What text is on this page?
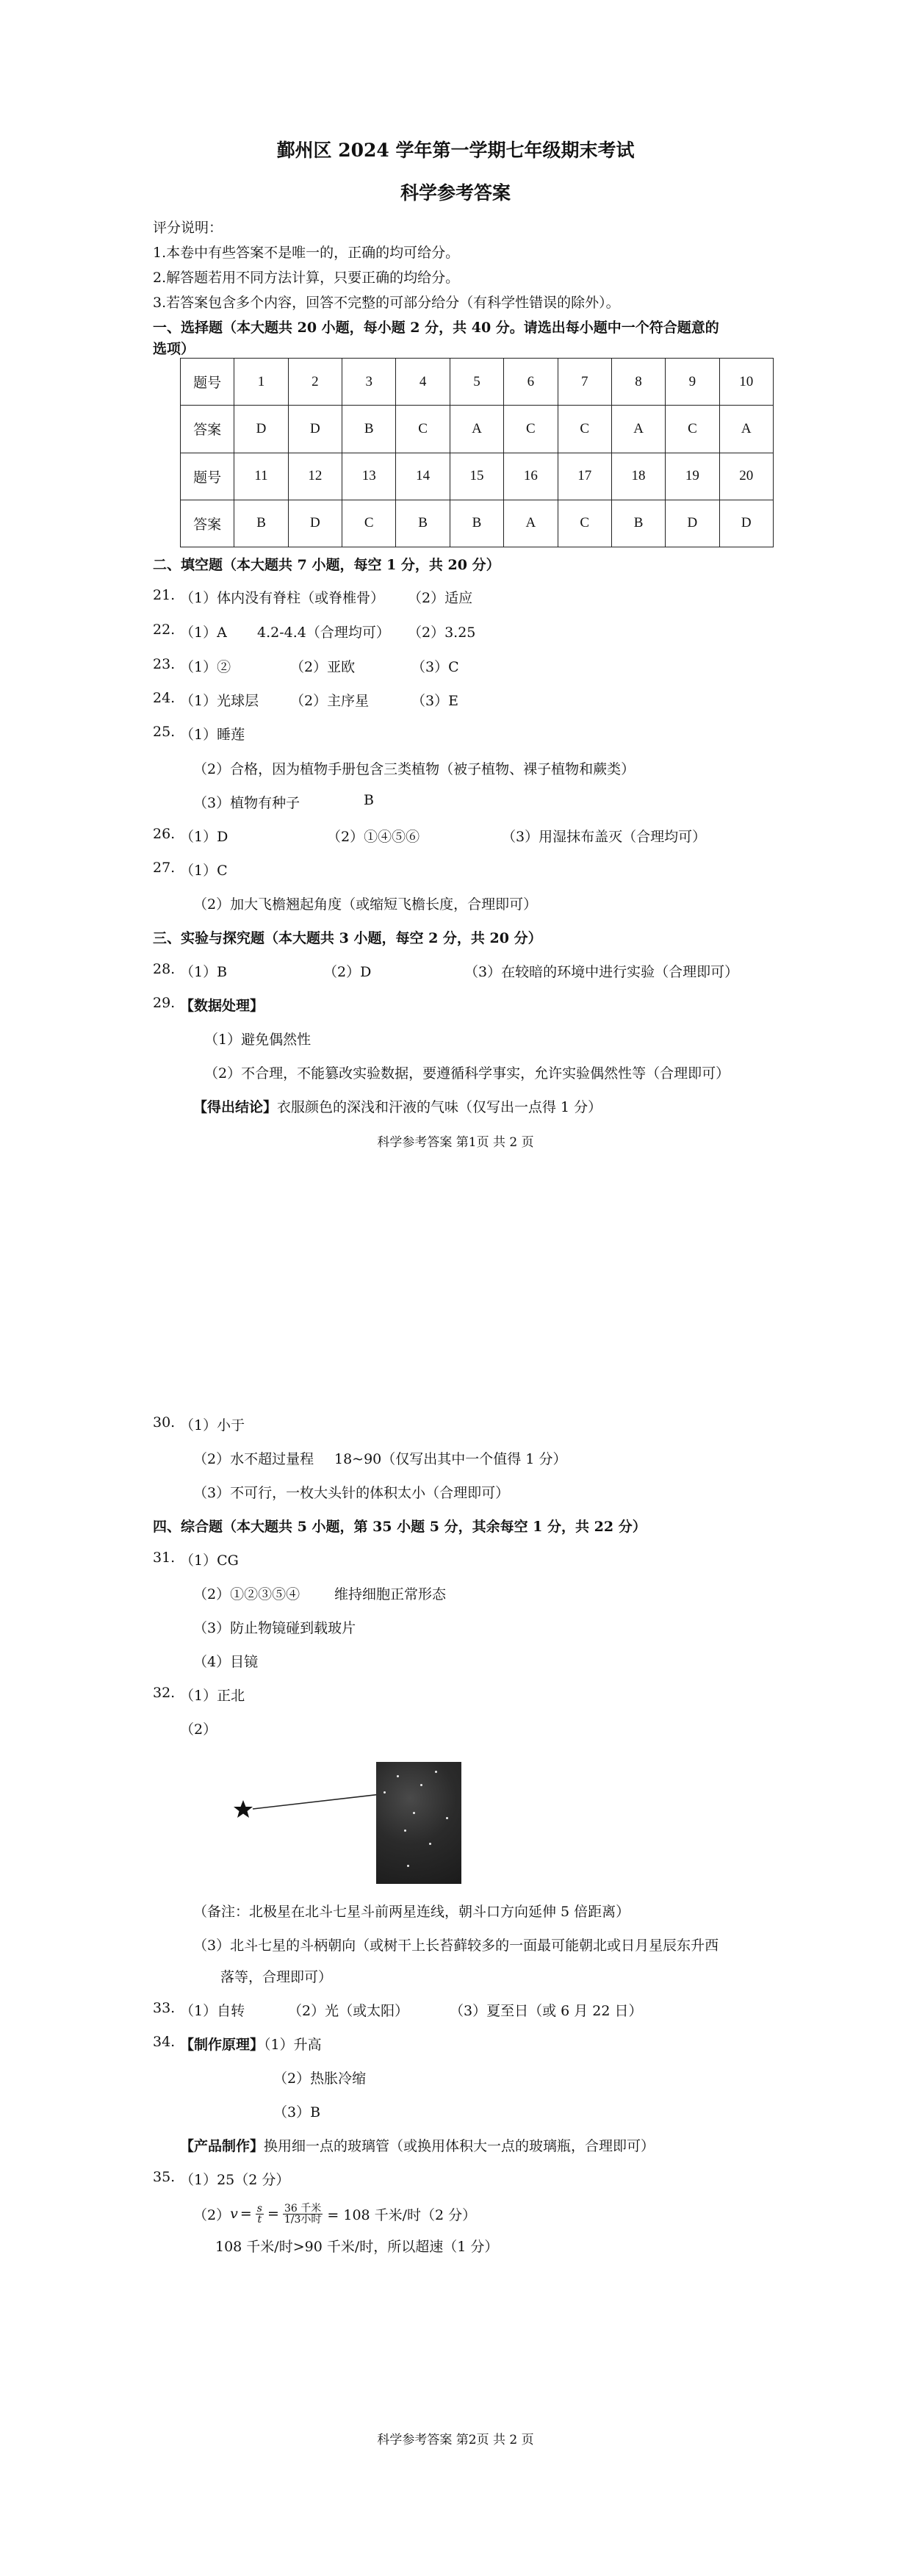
鄞州区 2024 学年第一学期七年级期末考试
科学参考答案
评分说明：
1.本卷中有些答案不是唯一的，正确的均可给分。
2.解答题若用不同方法计算，只要正确的均给分。
3.若答案包含多个内容，回答不完整的可部分给分（有科学性错误的除外）。
一、选择题（本大题共 20 小题，每小题 2 分，共 40 分。请选出每小题中一个符合题意的
选项）
题号	1	2	3	4	5	6	7	8	9	10
答案	D	D	B	C	A	C	C	A	C	A
题号	11	12	13	14	15	16	17	18	19	20
答案	B	D	C	B	B	A	C	B	D	D
二、填空题（本大题共 7 小题，每空 1 分，共 20 分）
21. （1）体内没有脊柱（或脊椎骨） （2）适应
22. （1）A 4.2-4.4（合理均可） （2）3.25
23. （1）②	（2）亚欧	（3）C
24. （1）光球层 （2）主序星	（3）E
25. （1）睡莲
（2）合格，因为植物手册包含三类植物（被子植物、裸子植物和蕨类）
（3）植物有种子	B
26. （1）D	（2）①④⑤⑥	（3）用湿抹布盖灭（合理均可）
27. （1）C
（2）加大飞檐翘起角度（或缩短飞檐长度，合理即可）
三、实验与探究题（本大题共 3 小题，每空 2 分，共 20 分）
28. （1）B	（2）D	（3）在较暗的环境中进行实验（合理即可）
29. 【数据处理】
（1）避免偶然性
（2）不合理，不能篡改实验数据，要遵循科学事实，允许实验偶然性等（合理即可）
【得出结论】衣服颜色的深浅和汗液的气味（仅写出一点得 1 分）
科学参考答案 第1页 共 2 页
30. （1）小于
（2）水不超过量程 18~90（仅写出其中一个值得 1 分）
（3）不可行，一枚大头针的体积太小（合理即可）
四、综合题（本大题共 5 小题，第 35 小题 5 分，其余每空 1 分，共 22 分）
31. （1）CG
（2）①②③⑤④ 维持细胞正常形态
（3）防止物镜碰到载玻片
（4）目镜
32. （1）正北
（2）
（备注：北极星在北斗七星斗前两星连线，朝斗口方向延伸 5 倍距离）
（3）北斗七星的斗柄朝向（或树干上长苔藓较多的一面最可能朝北或日月星辰东升西
落等，合理即可）
33. （1）自转	（2）光（或太阳）	（3）夏至日（或 6 月 22 日）
34. 【制作原理】（1）升高
（2）热胀冷缩
（3）B
【产品制作】换用细一点的玻璃管（或换用体积大一点的玻璃瓶，合理即可）
35. （1）25（2 分）
（2） $v = \frac{s}{t} = \frac{\text{36 千米}}{\text{1/3小时}} = 108$ 千米/时（2 分）
108 千米/时>90 千米/时，所以超速（1 分）
科学参考答案 第2页 共 2 页
